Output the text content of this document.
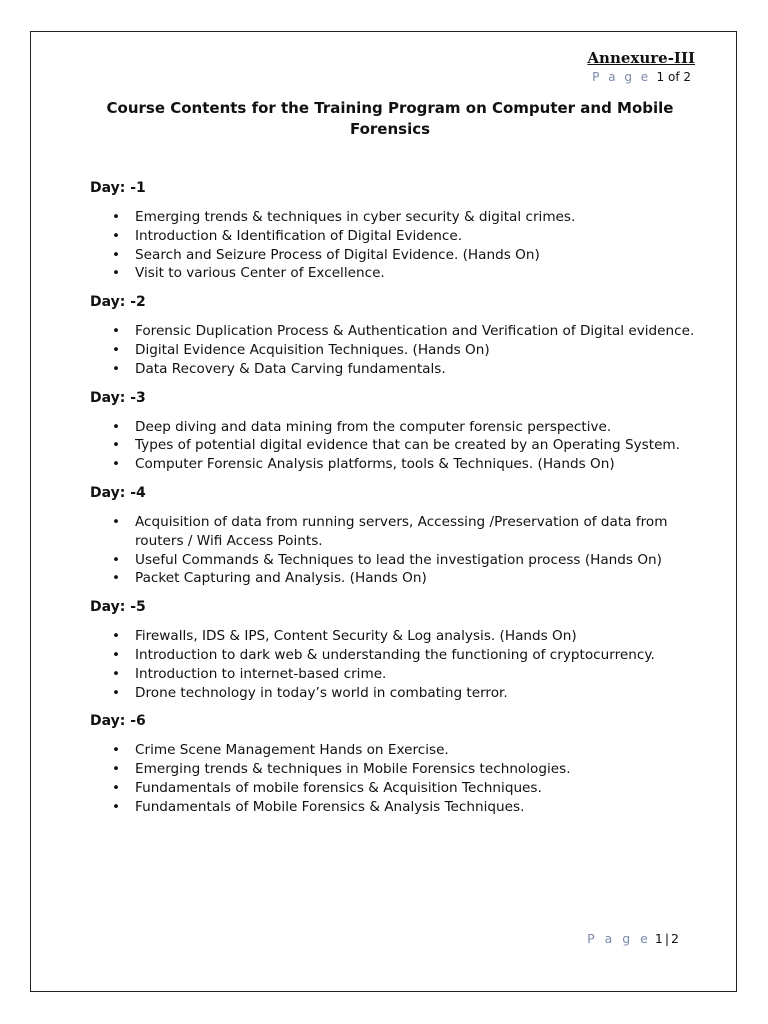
Annexure-III
P a g e 1 of 2
Course Contents for the Training Program on Computer and Mobile Forensics

Day: -1

• Emerging trends & techniques in cyber security & digital crimes.
• Introduction & Identification of Digital Evidence.
• Search and Seizure Process of Digital Evidence. (Hands On)
• Visit to various Center of Excellence.

Day: -2

• Forensic Duplication Process & Authentication and Verification of Digital evidence.
• Digital Evidence Acquisition Techniques. (Hands On)
• Data Recovery & Data Carving fundamentals.

Day: -3

• Deep diving and data mining from the computer forensic perspective.
• Types of potential digital evidence that can be created by an Operating System.
• Computer Forensic Analysis platforms, tools & Techniques. (Hands On)

Day: -4

• Acquisition of data from running servers, Accessing /Preservation of data from routers / Wifi Access Points.
• Useful Commands & Techniques to lead the investigation process (Hands On)
• Packet Capturing and Analysis. (Hands On)

Day: -5

• Firewalls, IDS & IPS, Content Security & Log analysis. (Hands On)
• Introduction to dark web & understanding the functioning of cryptocurrency.
• Introduction to internet-based crime.
• Drone technology in today’s world in combating terror.

Day: -6

• Crime Scene Management Hands on Exercise.
• Emerging trends & techniques in Mobile Forensics technologies.
• Fundamentals of mobile forensics & Acquisition Techniques.
• Fundamentals of Mobile Forensics & Analysis Techniques.
P a g e 1 | 2
